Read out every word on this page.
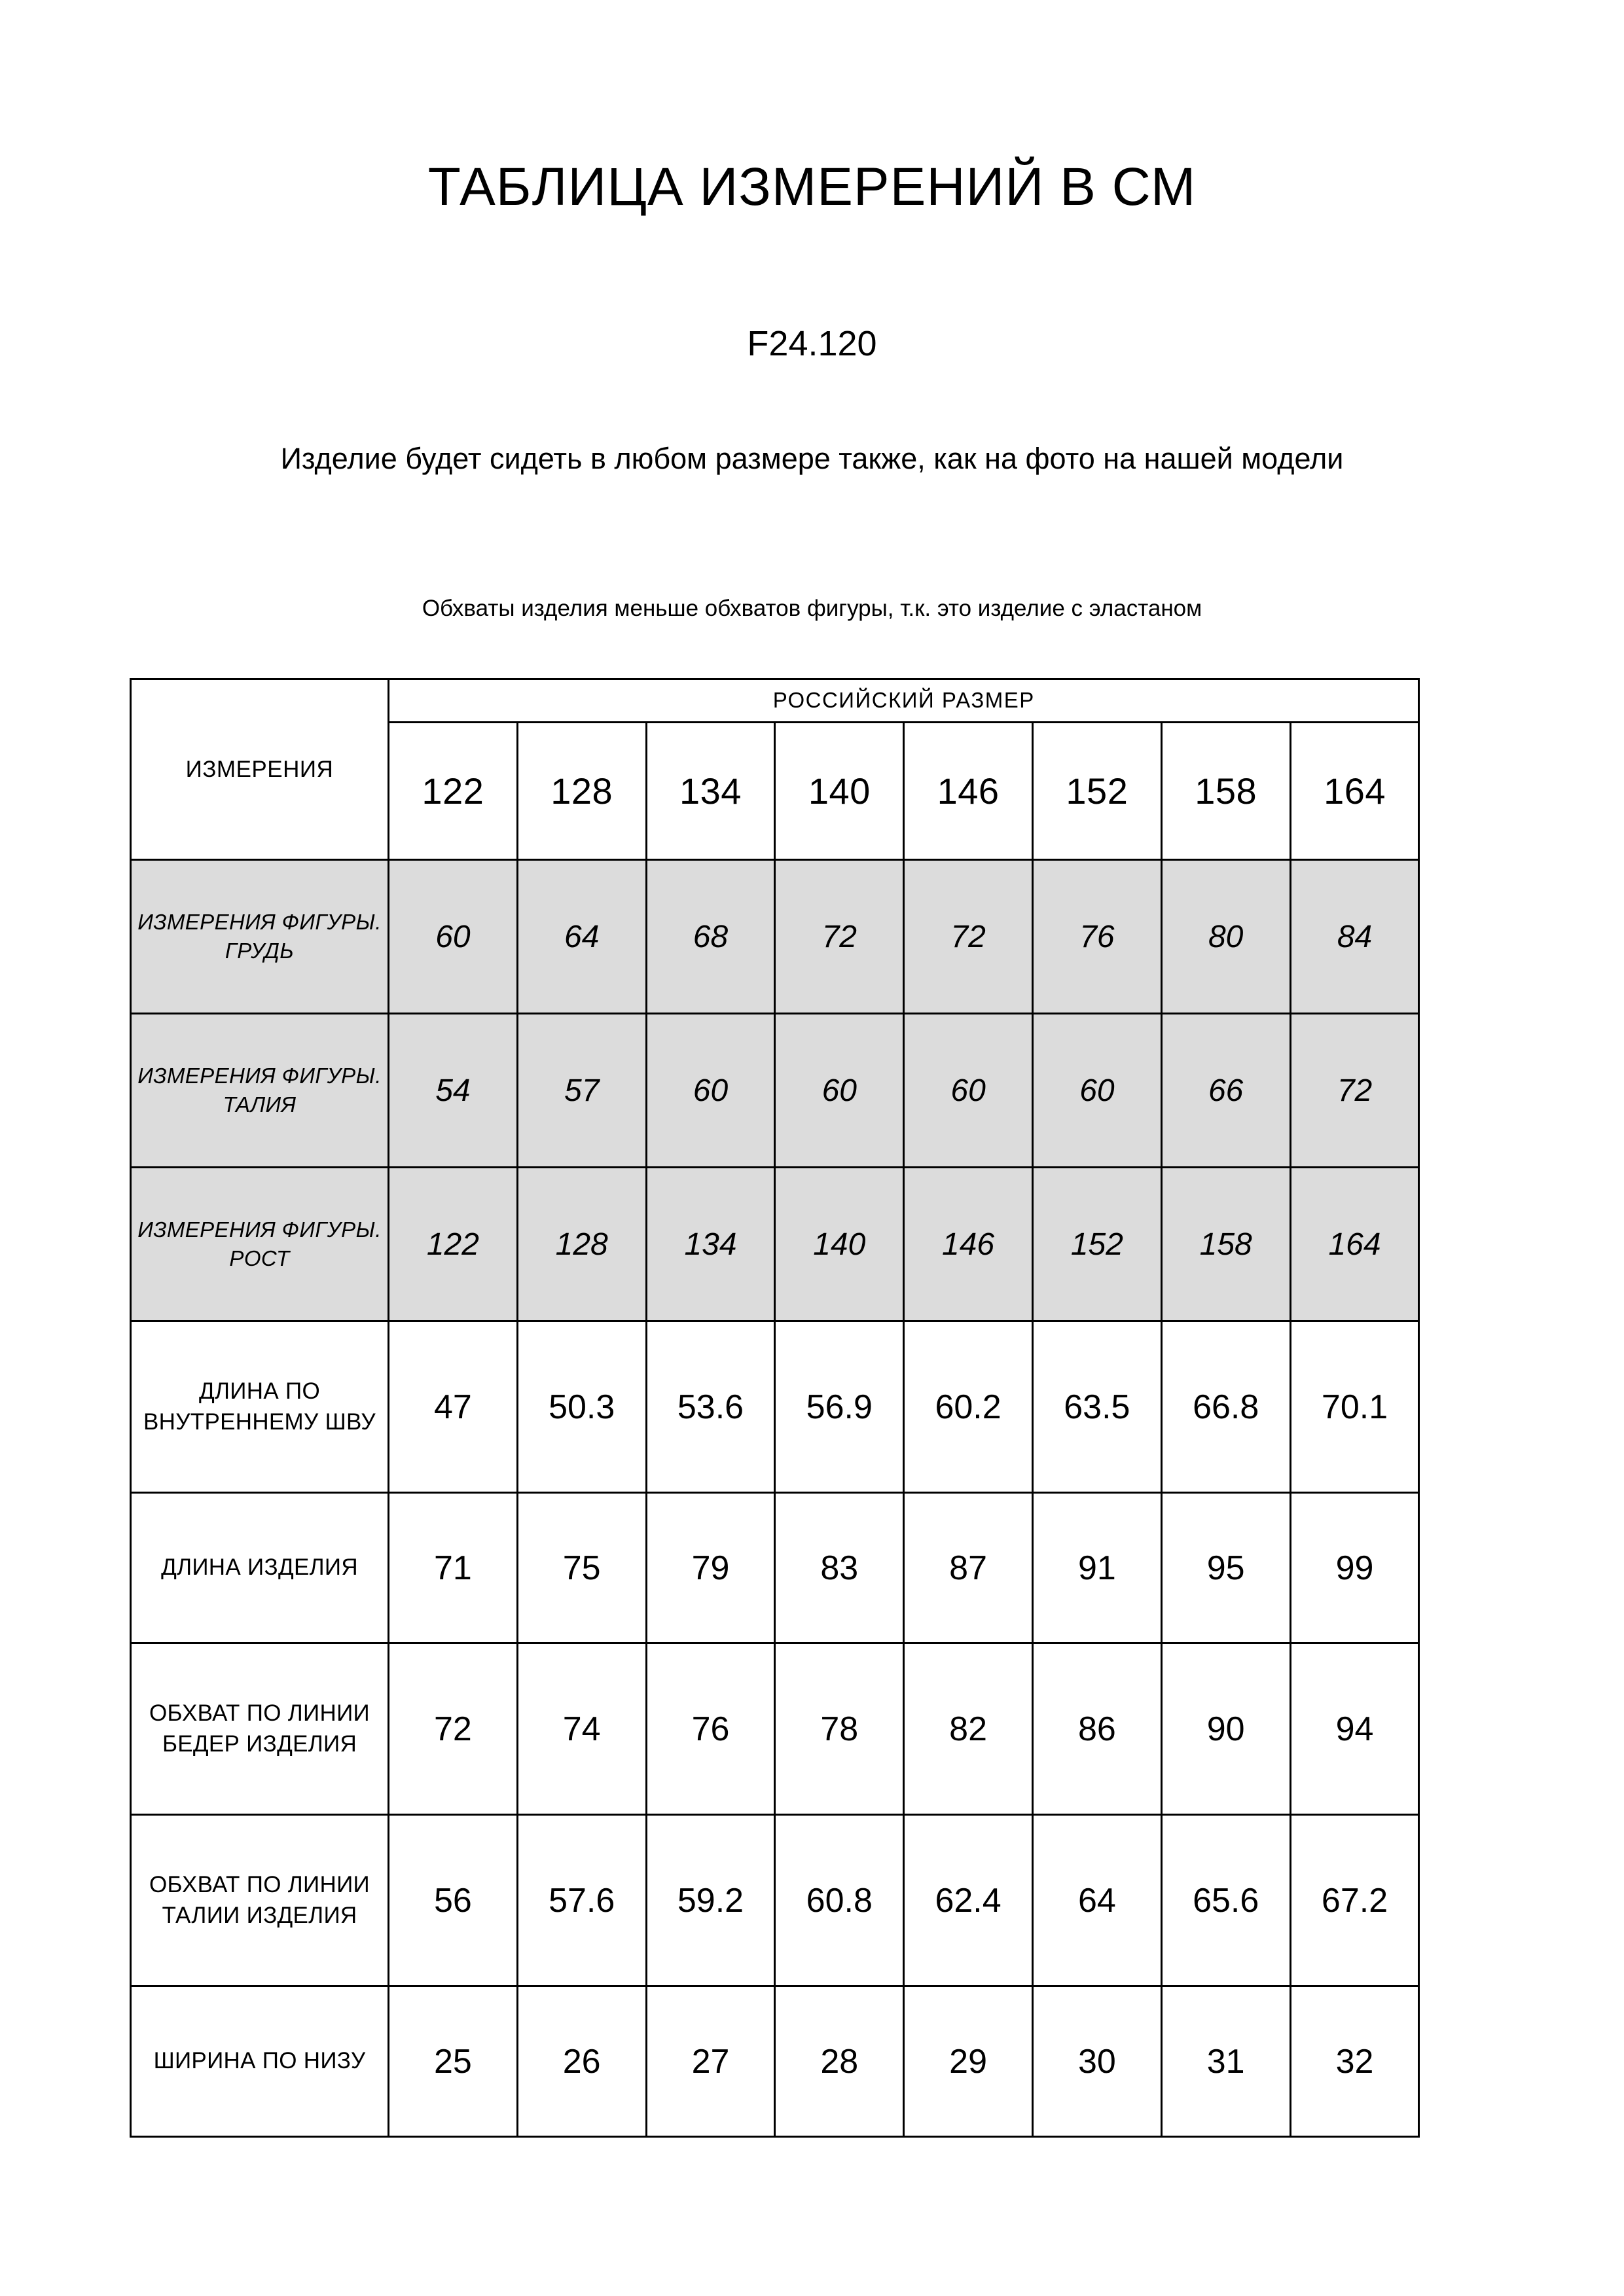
ТАБЛИЦА ИЗМЕРЕНИЙ В СМ
F24.120
Изделие будет сидеть в любом размере также, как на фото на нашей модели
Обхваты изделия меньше обхватов фигуры, т.к. это изделие с эластаном
ИЗМЕРЕНИЯ	РОССИЙСКИЙ РАЗМЕР							
	122	128	134	140	146	152	158	164
ИЗМЕРЕНИЯ ФИГУРЫ. ГРУДЬ	60	64	68	72	72	76	80	84
ИЗМЕРЕНИЯ ФИГУРЫ. ТАЛИЯ	54	57	60	60	60	60	66	72
ИЗМЕРЕНИЯ ФИГУРЫ. РОСТ	122	128	134	140	146	152	158	164
ДЛИНА ПО ВНУТРЕННЕМУ ШВУ	47	50.3	53.6	56.9	60.2	63.5	66.8	70.1
ДЛИНА ИЗДЕЛИЯ	71	75	79	83	87	91	95	99
ОБХВАТ ПО ЛИНИИ БЕДЕР ИЗДЕЛИЯ	72	74	76	78	82	86	90	94
ОБХВАТ ПО ЛИНИИ ТАЛИИ ИЗДЕЛИЯ	56	57.6	59.2	60.8	62.4	64	65.6	67.2
ШИРИНА ПО НИЗУ	25	26	27	28	29	30	31	32
